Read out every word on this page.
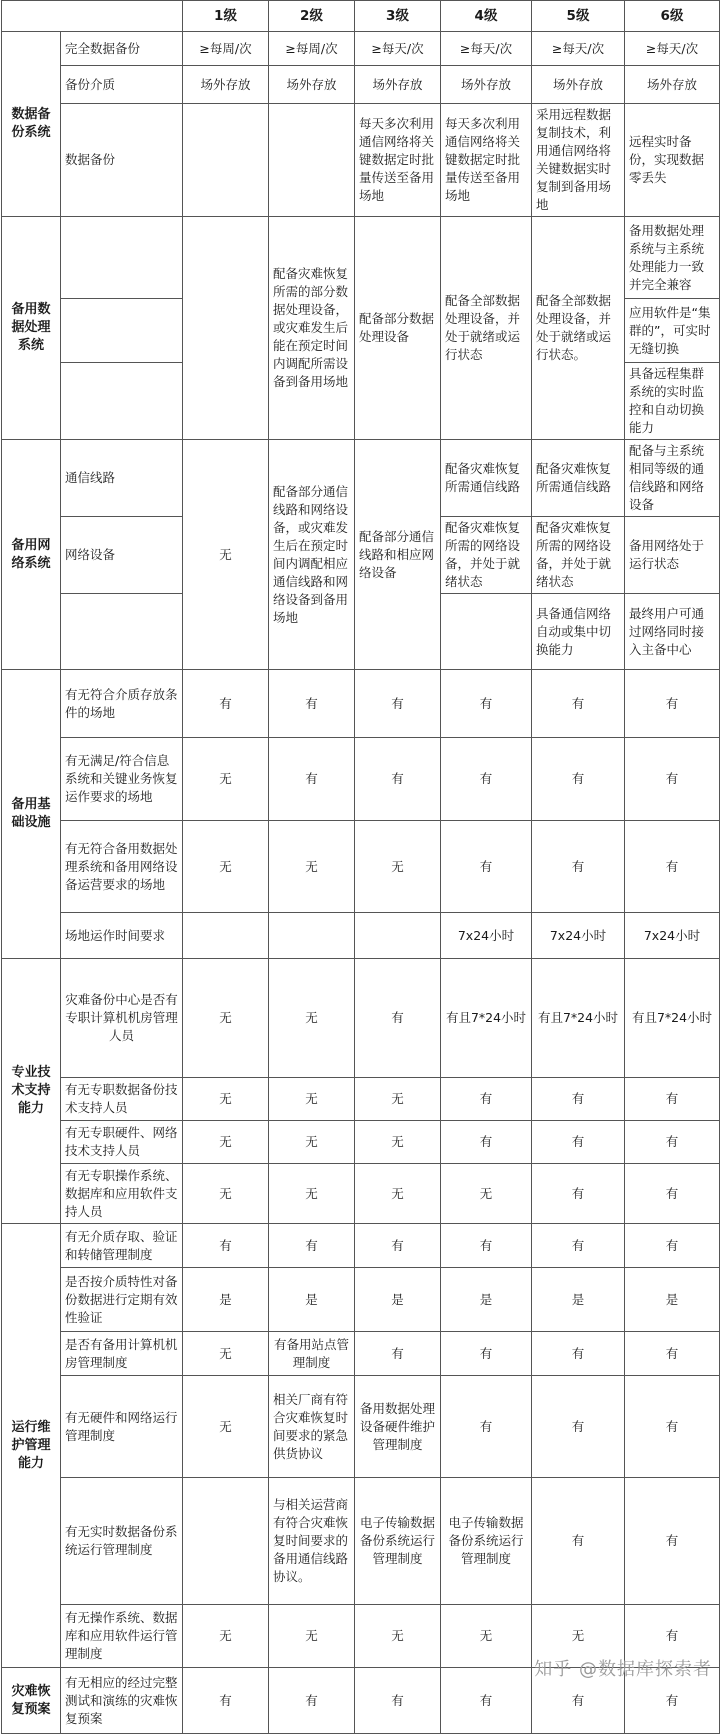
		1级	2级	3级	4级	5级	6级
数据备份系统	完全数据备份	≥每周/次	≥每周/次	≥每天/次	≥每天/次	≥每天/次	≥每天/次
	备份介质	场外存放	场外存放	场外存放	场外存放	场外存放	场外存放
	数据备份			每天多次利用通信网络将关键数据定时批量传送至备用场地	每天多次利用通信网络将关键数据定时批量传送至备用场地	采用远程数据复制技术，利用通信网络将关键数据实时复制到备用场地	远程实时备份，实现数据零丢失
备用数据处理系统			配备灾难恢复所需的部分数据处理设备，或灾难发生后能在预定时间内调配所需设备到备用场地	配备部分数据处理设备	配备全部数据处理设备，并处于就绪或运行状态	配备全部数据处理设备，并处于就绪或运行状态。	备用数据处理系统与主系统处理能力一致并完全兼容
							应用软件是“集群的”，可实时无缝切换
							具备远程集群系统的实时监控和自动切换能力
备用网络系统	通信线路	无	配备部分通信线路和网络设备，或灾难发生后在预定时间内调配相应通信线路和网络设备到备用场地	配备部分通信线路和相应网络设备	配备灾难恢复所需通信线路	配备灾难恢复所需通信线路	配备与主系统相同等级的通信线路和网络设备
	网络设备				配备灾难恢复所需的网络设备，并处于就绪状态	配备灾难恢复所需的网络设备，并处于就绪状态	备用网络处于运行状态
						具备通信网络自动或集中切换能力	最终用户可通过网络同时接入主备中心
备用基础设施	有无符合介质存放条件的场地	有	有	有	有	有	有
	有无满足/符合信息系统和关键业务恢复运作要求的场地	无	有	有	有	有	有
	有无符合备用数据处理系统和备用网络设备运营要求的场地	无	无	无	有	有	有
	场地运作时间要求				7x24小时	7x24小时	7x24小时
专业技术支持能力	灾难备份中心是否有专职计算机机房管理人员	无	无	有	有且7*24小时	有且7*24小时	有且7*24小时
	有无专职数据备份技术支持人员	无	无	无	有	有	有
	有无专职硬件、网络技术支持人员	无	无	无	有	有	有
	有无专职操作系统、数据库和应用软件支持人员	无	无	无	无	有	有
运行维护管理能力	有无介质存取、验证和转储管理制度	有	有	有	有	有	有
	是否按介质特性对备份数据进行定期有效性验证	是	是	是	是	是	是
	是否有备用计算机机房管理制度	无	有备用站点管理制度	有	有	有	有
	有无硬件和网络运行管理制度	无	相关厂商有符合灾难恢复时间要求的紧急供货协议	备用数据处理设备硬件维护管理制度	有	有	有
	有无实时数据备份系统运行管理制度		与相关运营商有符合灾难恢复时间要求的备用通信线路协议。	电子传输数据备份系统运行管理制度	电子传输数据备份系统运行管理制度	有	有
	有无操作系统、数据库和应用软件运行管理制度	无	无	无	无	无	有
灾难恢复预案	有无相应的经过完整测试和演练的灾难恢复预案	有	有	有	有	有	有
知乎 @数据库探索者
